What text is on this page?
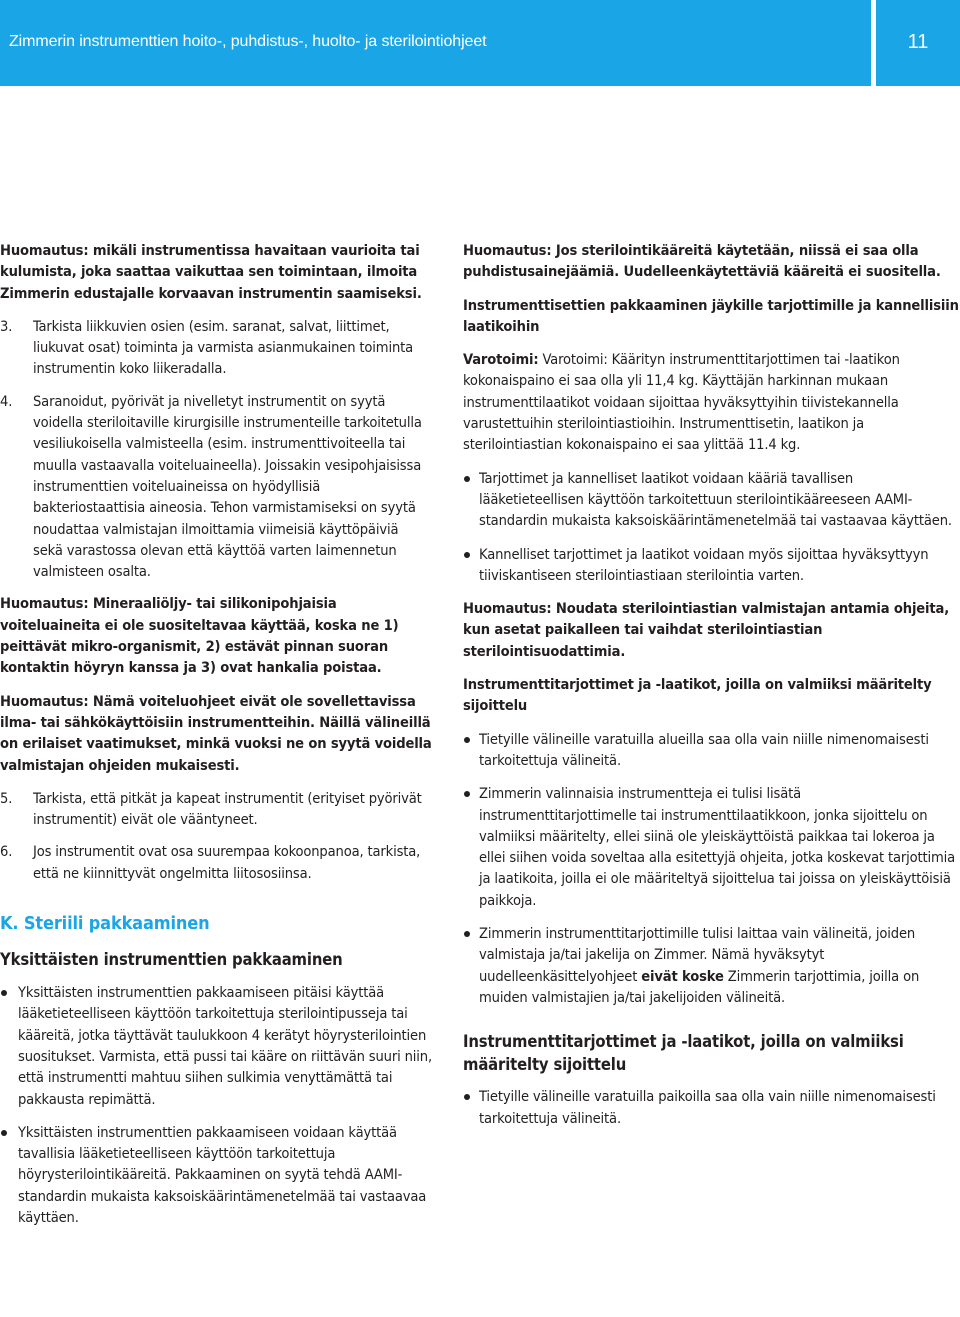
Zimmerin instrumenttien hoito-, puhdistus-, huolto- ja sterilointiohjeet	11

Huomautus: mikäli instrumentissa havaitaan vaurioita tai kulumista, joka saattaa vaikuttaa sen toimintaan, ilmoita Zimmerin edustajalle korvaavan instrumentin saamiseksi.

3. Tarkista liikkuvien osien (esim. saranat, salvat, liittimet, liukuvat osat) toiminta ja varmista asianmukainen toiminta instrumentin koko liikeradalla.
4. Saranoidut, pyörivät ja nivelletyt instrumentit on syytä voidella steriloitaville kirurgisille instrumenteille tarkoitetulla vesiliukoisella valmisteella (esim. instrumenttivoiteella tai muulla vastaavalla voiteluaineella). Joissakin vesipohjaisissa instrumenttien voiteluaineissa on hyödyllisiä bakteriostaattisia aineosia. Tehon varmistamiseksi on syytä noudattaa valmistajan ilmoittamia viimeisiä käyttöpäiviä sekä varastossa olevan että käyttöä varten laimennetun valmisteen osalta.

Huomautus: Mineraaliöljy- tai silikonipohjaisia voiteluaineita ei ole suositeltavaa käyttää, koska ne 1) peittävät mikro-organismit, 2) estävät pinnan suoran kontaktin höyryn kanssa ja 3) ovat hankalia poistaa.

Huomautus: Nämä voiteluohjeet eivät ole sovellettavissa ilma- tai sähkökäyttöisiin instrumentteihin. Näillä välineillä on erilaiset vaatimukset, minkä vuoksi ne on syytä voidella valmistajan ohjeiden mukaisesti.

5. Tarkista, että pitkät ja kapeat instrumentit (erityiset pyörivät instrumentit) eivät ole vääntyneet.
6. Jos instrumentit ovat osa suurempaa kokoonpanoa, tarkista, että ne kiinnittyvät ongelmitta liitososiinsa.
K. Steriili pakkaaminen
Yksittäisten instrumenttien pakkaaminen
Yksittäisten instrumenttien pakkaamiseen pitäisi käyttää lääketieteelliseen käyttöön tarkoitettuja sterilointipusseja tai kääreitä, jotka täyttävät taulukkoon 4 kerätyt höyrysterilointien suositukset. Varmista, että pussi tai kääre on riittävän suuri niin, että instrumentti mahtuu siihen sulkimia venyttämättä tai pakkausta repimättä.
Yksittäisten instrumenttien pakkaamiseen voidaan käyttää tavallisia lääketieteelliseen käyttöön tarkoitettuja höyrysterilointikääreitä. Pakkaaminen on syytä tehdä AAMI-standardin mukaista kaksoiskäärintämenetelmää tai vastaavaa käyttäen.

Huomautus: Jos sterilointikääreitä käytetään, niissä ei saa olla puhdistusainejäämiä. Uudelleenkäytettäviä kääreitä ei suositella.

Instrumenttisettien pakkaaminen jäykille tarjottimille ja kannellisiin laatikoihin

Varotoimi: Varotoimi: Käärityn instrumenttitarjottimen tai -laatikon kokonaispaino ei saa olla yli 11,4 kg. Käyttäjän harkinnan mukaan instrumenttilaatikot voidaan sijoittaa hyväksyttyihin tiivistekannella varustettuihin sterilointiastioihin. Instrumenttisetin, laatikon ja sterilointiastian kokonaispaino ei saa ylittää 11.4 kg.

Tarjottimet ja kannelliset laatikot voidaan kääriä tavallisen lääketieteellisen käyttöön tarkoitettuun sterilointikääreeseen AAMI-standardin mukaista kaksoiskäärintämenetelmää tai vastaavaa käyttäen.
Kannelliset tarjottimet ja laatikot voidaan myös sijoittaa hyväksyttyyn tiiviskantiseen sterilointiastiaan sterilointia varten.

Huomautus: Noudata sterilointiastian valmistajan antamia ohjeita, kun asetat paikalleen tai vaihdat sterilointiastian sterilointisuodattimia.

Instrumenttitarjottimet ja -laatikot, joilla on valmiiksi määritelty sijoittelu

Tietyille välineille varatuilla alueilla saa olla vain niille nimenomaisesti tarkoitettuja välineitä.
Zimmerin valinnaisia instrumentteja ei tulisi lisätä instrumenttitarjottimelle tai instrumenttilaatikkoon, jonka sijoittelu on valmiiksi määritelty, ellei siinä ole yleiskäyttöistä paikkaa tai lokeroa ja ellei siihen voida soveltaa alla esitettyjä ohjeita, jotka koskevat tarjottimia ja laatikoita, joilla ei ole määriteltyä sijoittelua tai joissa on yleiskäyttöisiä paikkoja.
Zimmerin instrumenttitarjottimille tulisi laittaa vain välineitä, joiden valmistaja ja/tai jakelija on Zimmer. Nämä hyväksytyt uudelleenkäsittelyohjeet eivät koske Zimmerin tarjottimia, joilla on muiden valmistajien ja/tai jakelijoiden välineitä.
Instrumenttitarjottimet ja -laatikot, joilla on valmiiksi määritelty sijoittelu
Tietyille välineille varatuilla paikoilla saa olla vain niille nimenomaisesti tarkoitettuja välineitä.
